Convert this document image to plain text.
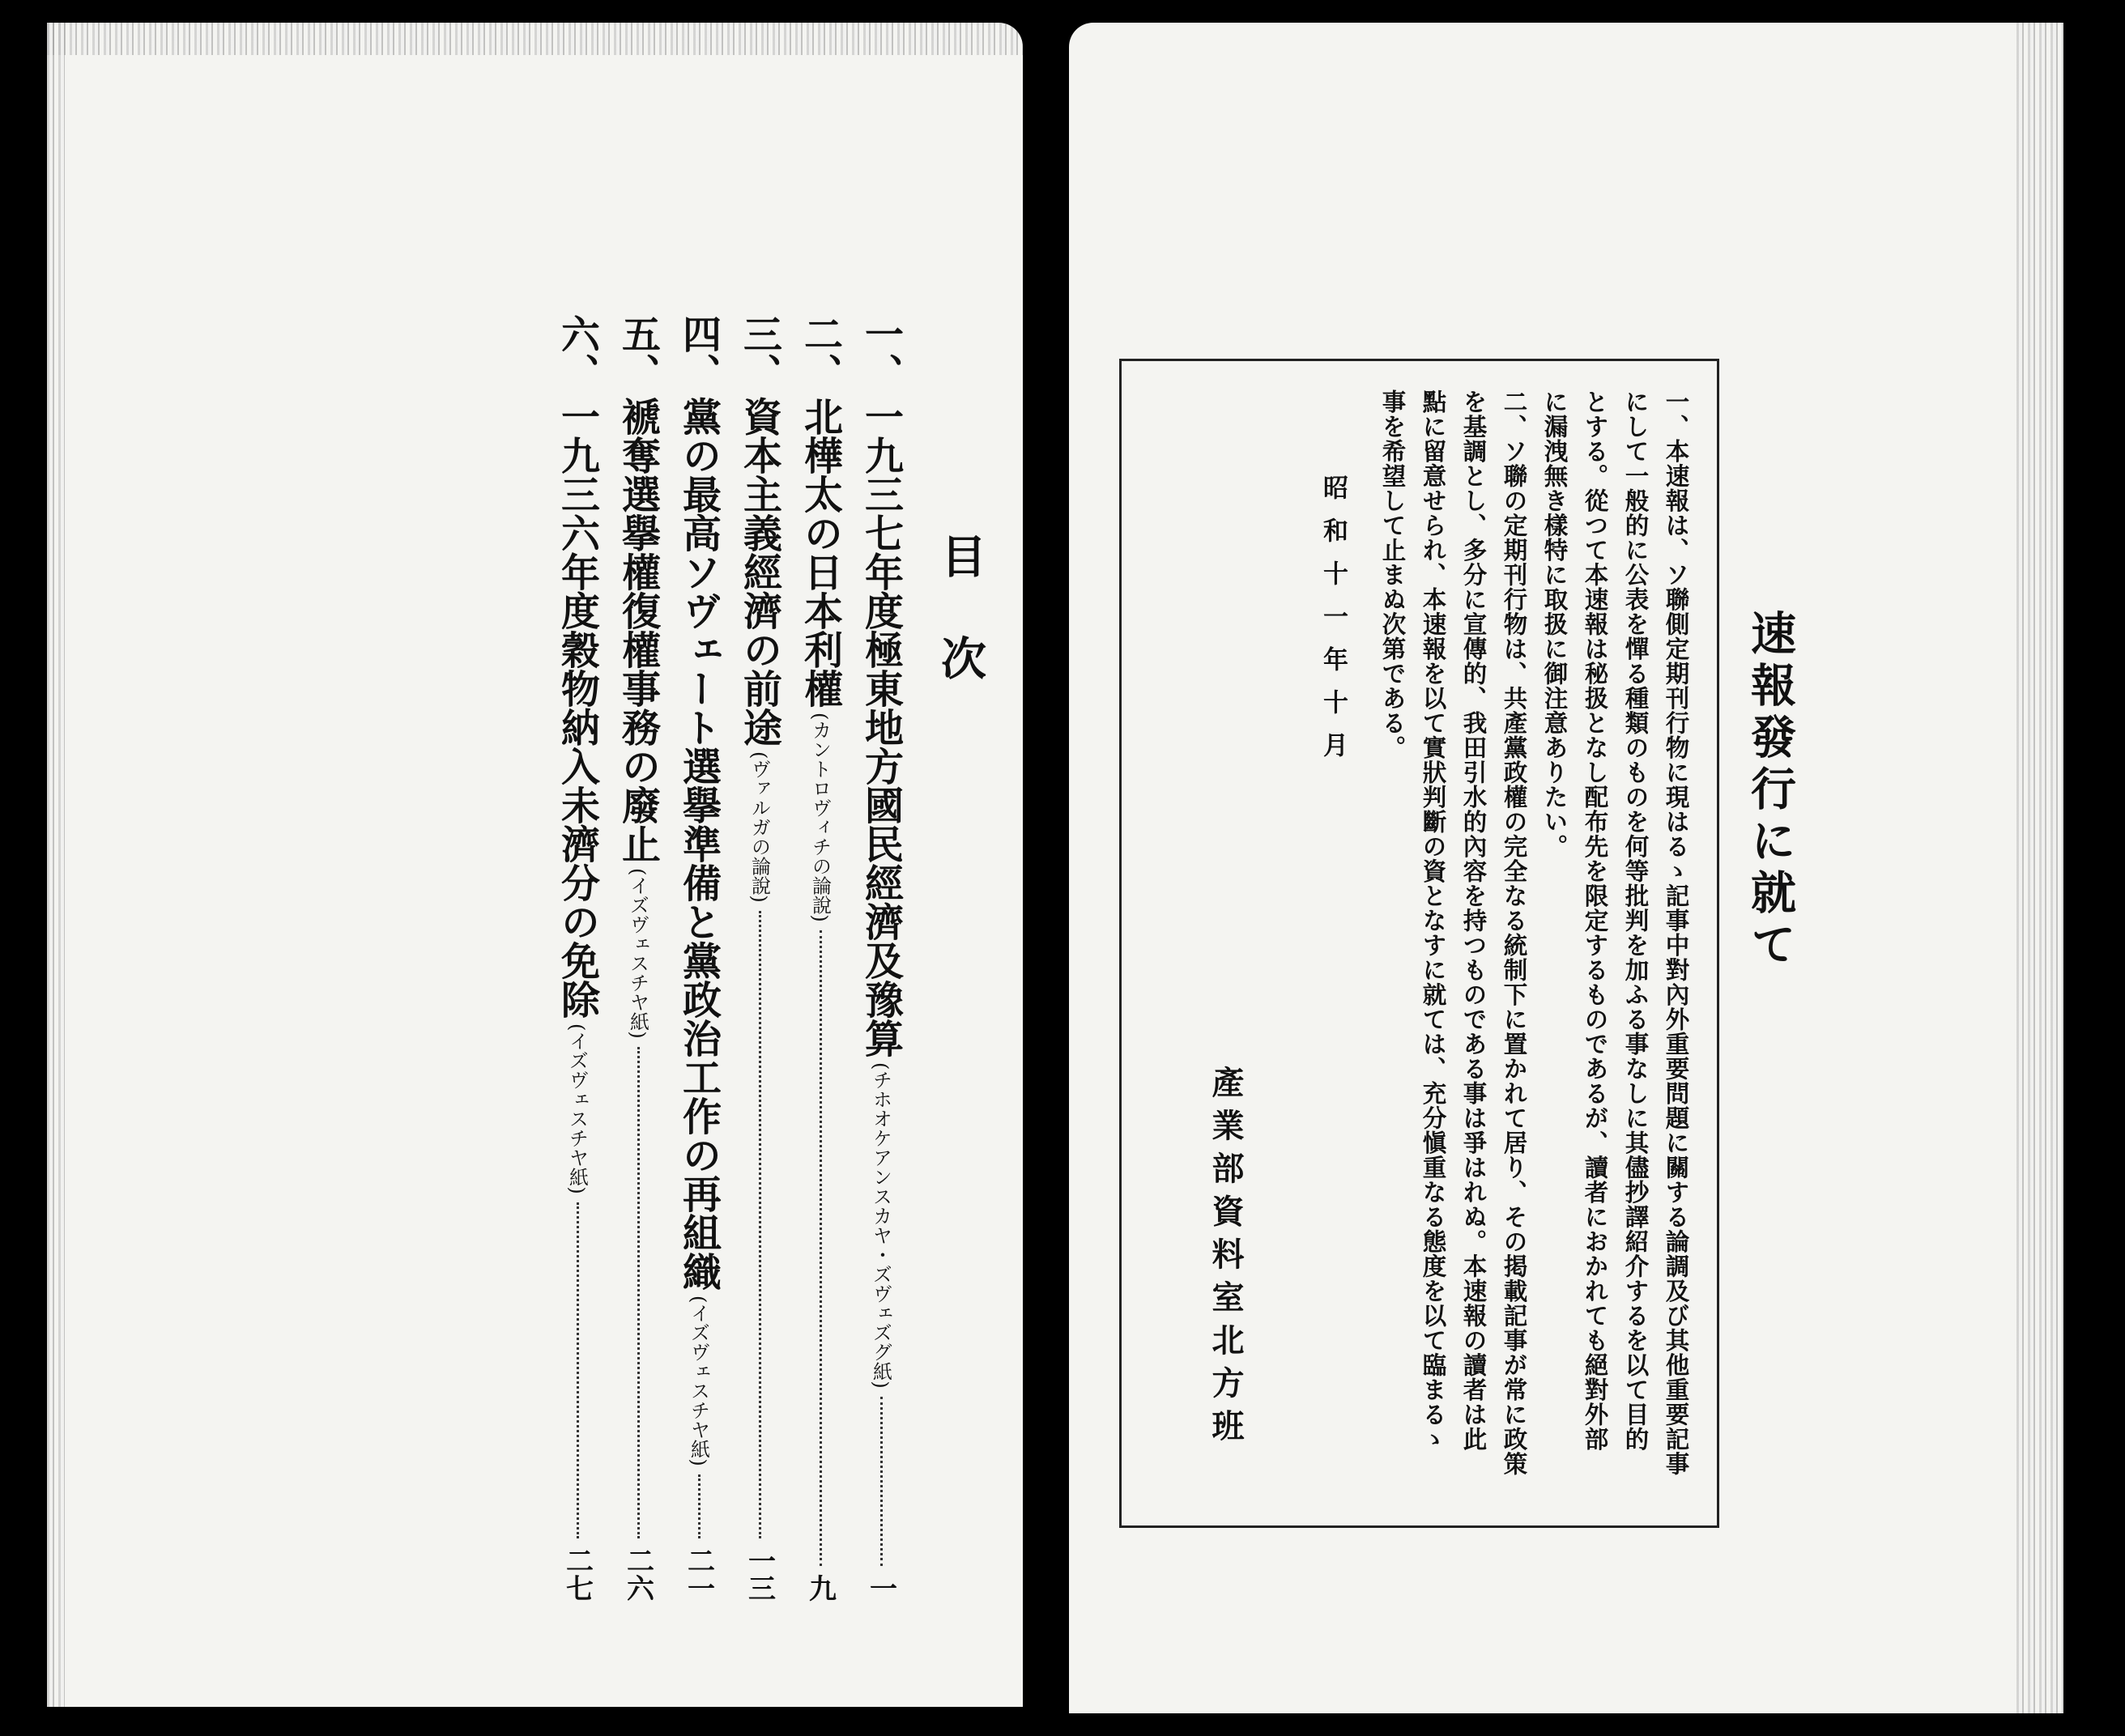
目次
一、
一九三七年度極東地方國民經濟及豫算
(チホオケアンスカヤ・ズヴェズグ紙)
一
二、
北樺太の日本利權
(カントロヴィチの論說)
九
三、
資本主義經濟の前途
(ヴァルガの論說)
一三
四、
黨の最高ソヴェート選擧準備と黨政治工作の再組織
(イズヴェスチヤ紙)
二一
五、
褫奪選擧權復權事務の廢止
(イズヴェスチヤ紙)
二六
六、
一九三六年度穀物納入未濟分の免除
(イズヴェスチヤ紙)
二七
一、本速報は、ソ聯側定期刊行物に現はるゝ記事中對內外重要問題に關する論調及び其他重要記事
にして一般的に公表を憚る種類のものを何等批判を加ふる事なしに其儘抄譯紹介するを以て目的
とする。從つて本速報は秘扱となし配布先を限定するものであるが、讀者におかれても絕對外部
に漏洩無き樣特に取扱に御注意ありたい。
二、ソ聯の定期刊行物は、共產黨政權の完全なる統制下に置かれて居り、その掲載記事が常に政策
を基調とし、多分に宣傳的、我田引水的內容を持つものである事は爭はれぬ。本速報の讀者は此
點に留意せられ、本速報を以て實狀判斷の資となすに就ては、充分愼重なる態度を以て臨まるゝ
事を希望して止まぬ次第である。
昭和十一年十月
產業部資料室北方班
速報發行に就て
